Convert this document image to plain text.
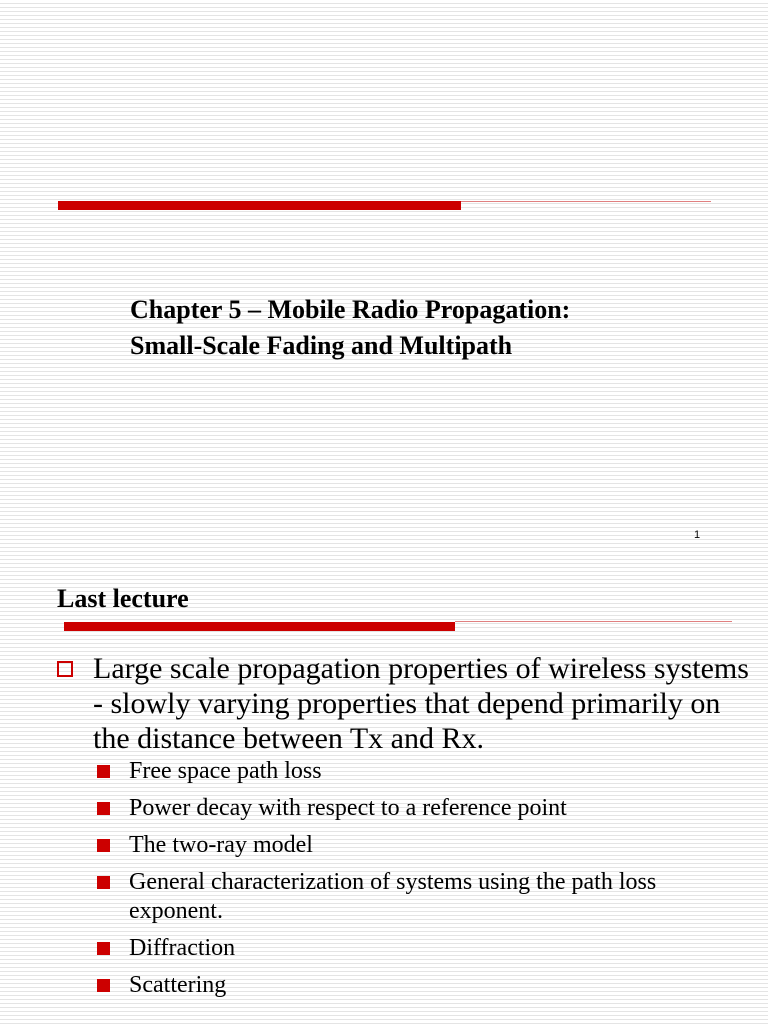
Chapter 5 – Mobile Radio Propagation:
Small-Scale Fading and Multipath
1
Last lecture
Large scale propagation properties of wireless systems - slowly varying properties that depend primarily on the distance between Tx and Rx.
Free space path loss
Power decay with respect to a reference point
The two-ray model
General characterization of systems using the path loss exponent.
Diffraction
Scattering
